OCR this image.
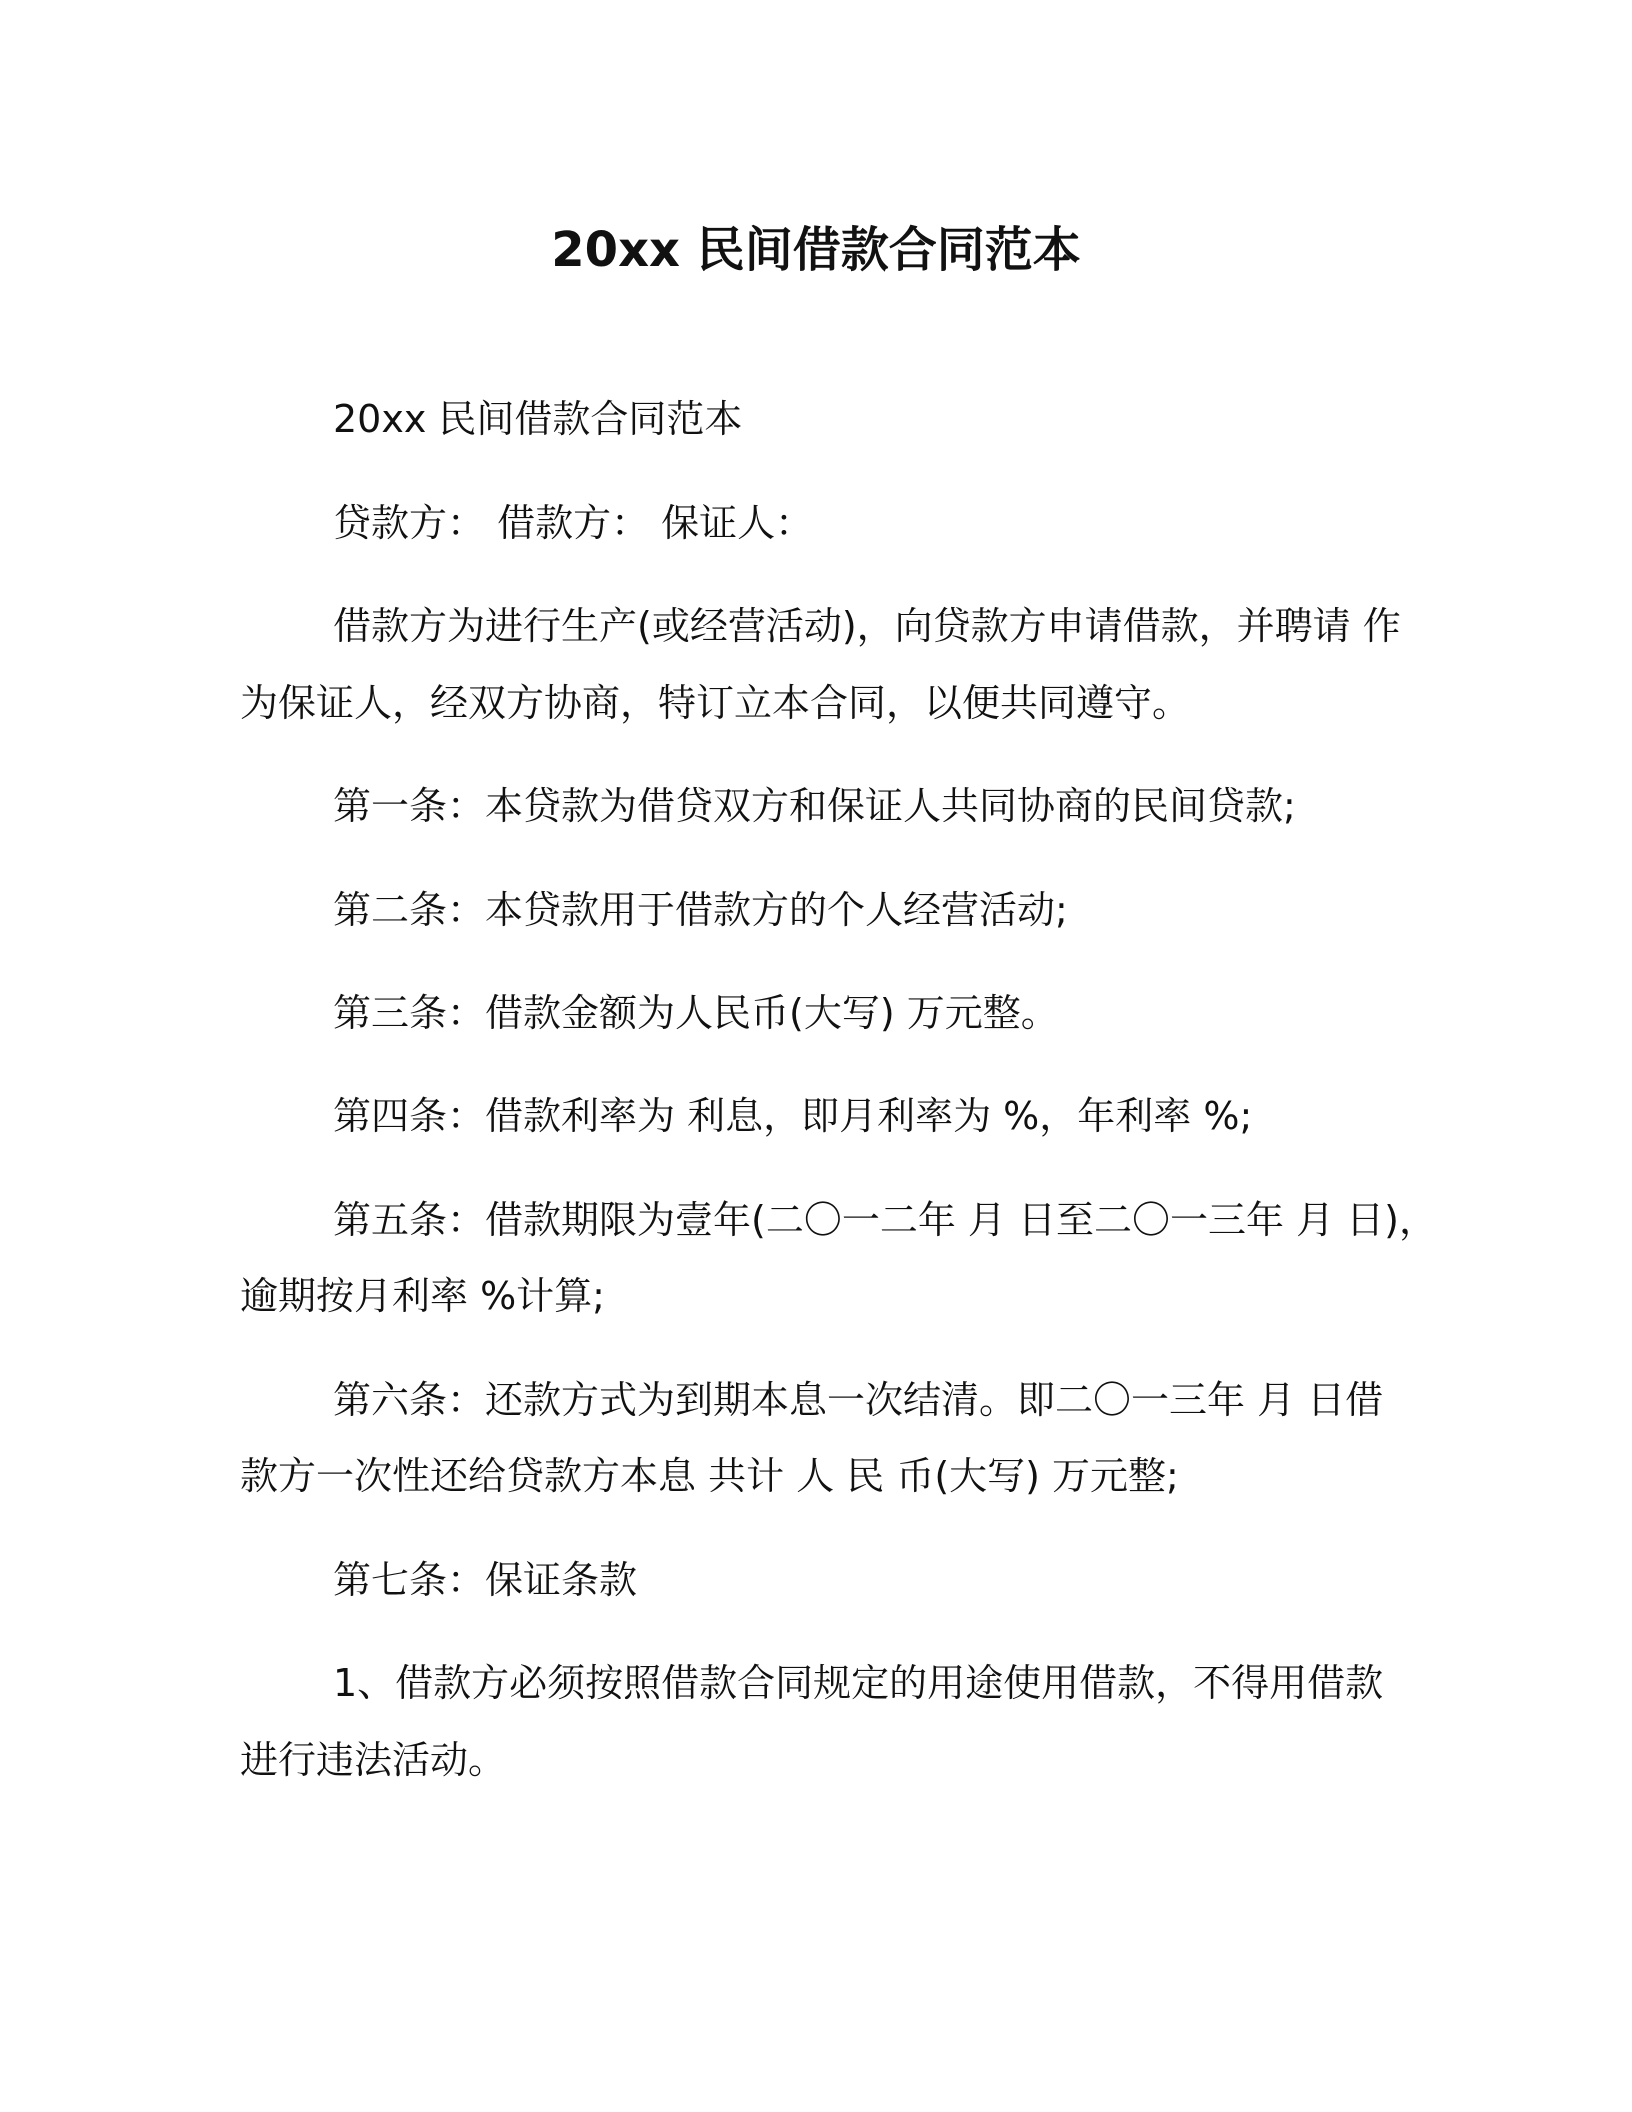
20xx 民间借款合同范本
20xx 民间借款合同范本
贷款方： 借款方： 保证人：
借款方为进行生产(或经营活动)，向贷款方申请借款，并聘请 作
为保证人，经双方协商，特订立本合同，以便共同遵守。
第一条：本贷款为借贷双方和保证人共同协商的民间贷款;
第二条：本贷款用于借款方的个人经营活动;
第三条：借款金额为人民币(大写) 万元整。
第四条：借款利率为 利息，即月利率为 %，年利率 %;
第五条：借款期限为壹年(二〇一二年 月 日至二〇一三年 月 日)，
逾期按月利率 %计算;
第六条：还款方式为到期本息一次结清。即二〇一三年 月 日借
款方一次性还给贷款方本息 共计 人 民 币(大写) 万元整;
第七条：保证条款
1、借款方必须按照借款合同规定的用途使用借款，不得用借款
进行违法活动。
